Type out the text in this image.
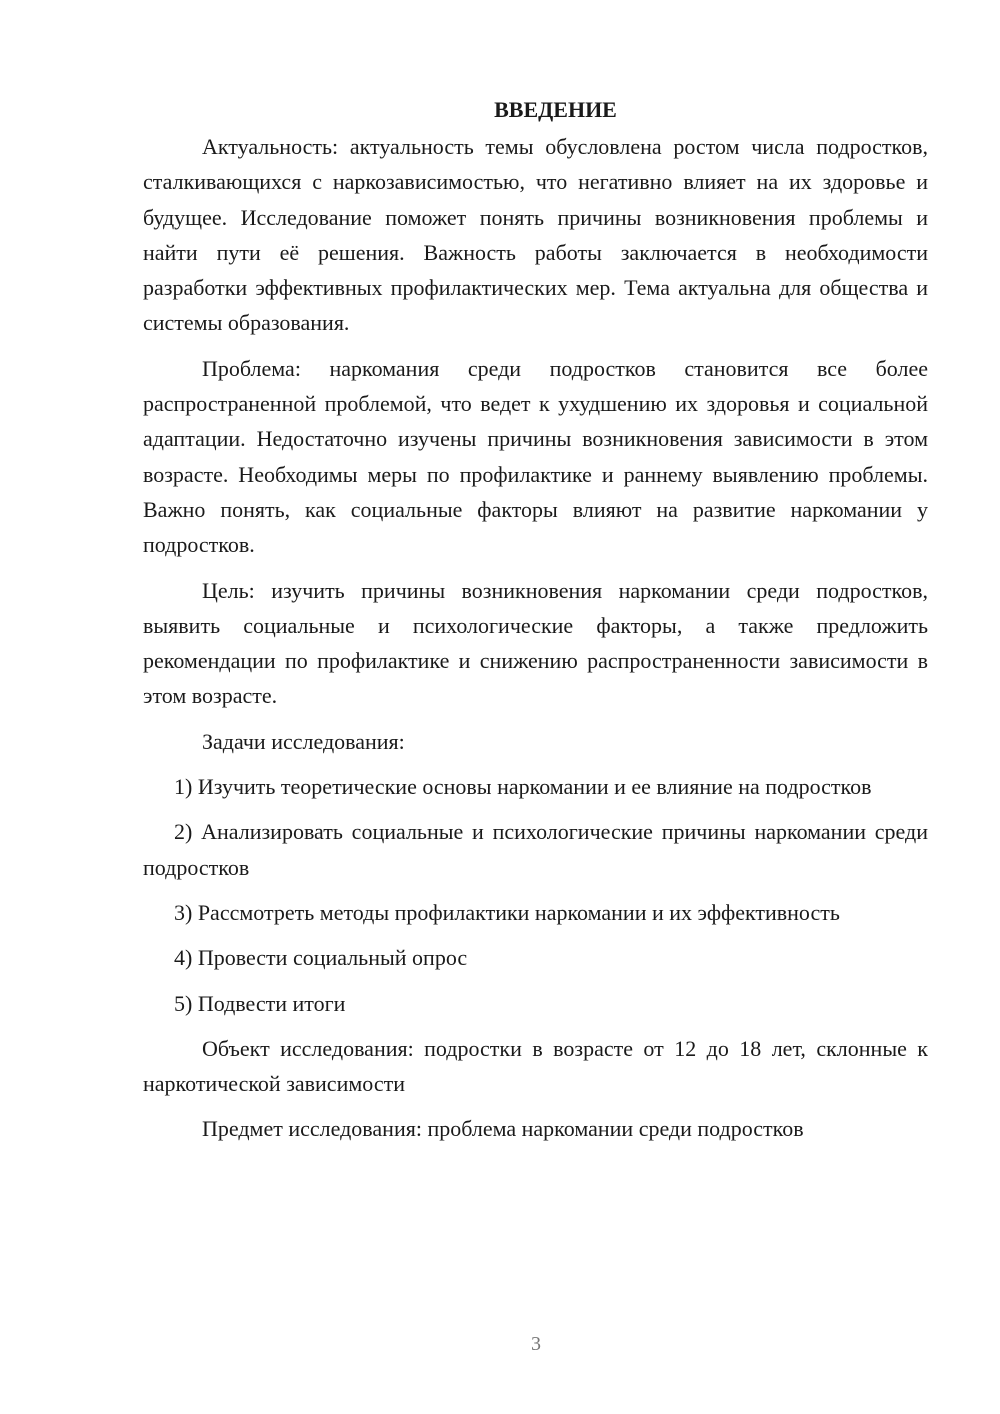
ВВЕДЕНИЕ

Актуальность: актуальность темы обусловлена ростом числа подростков, сталкивающихся с наркозависимостью, что негативно влияет на их здоровье и будущее. Исследование поможет понять причины возникновения проблемы и найти пути её решения. Важность работы заключается в необходимости разработки эффективных профилактических мер. Тема актуальна для общества и системы образования.

Проблема: наркомания среди подростков становится все более распространенной проблемой, что ведет к ухудшению их здоровья и социальной адаптации. Недостаточно изучены причины возникновения зависимости в этом возрасте. Необходимы меры по профилактике и раннему выявлению проблемы. Важно понять, как социальные факторы влияют на развитие наркомании у подростков.

Цель: изучить причины возникновения наркомании среди подростков, выявить социальные и психологические факторы, а также предложить рекомендации по профилактике и снижению распространенности зависимости в этом возрасте.

Задачи исследования:

1) Изучить теоретические основы наркомании и ее влияние на подростков

2) Анализировать социальные и психологические причины наркомании среди подростков

3) Рассмотреть методы профилактики наркомании и их эффективность

4) Провести социальный опрос

5) Подвести итоги

Объект исследования: подростки в возрасте от 12 до 18 лет, склонные к наркотической зависимости

Предмет исследования: проблема наркомании среди подростков

3
